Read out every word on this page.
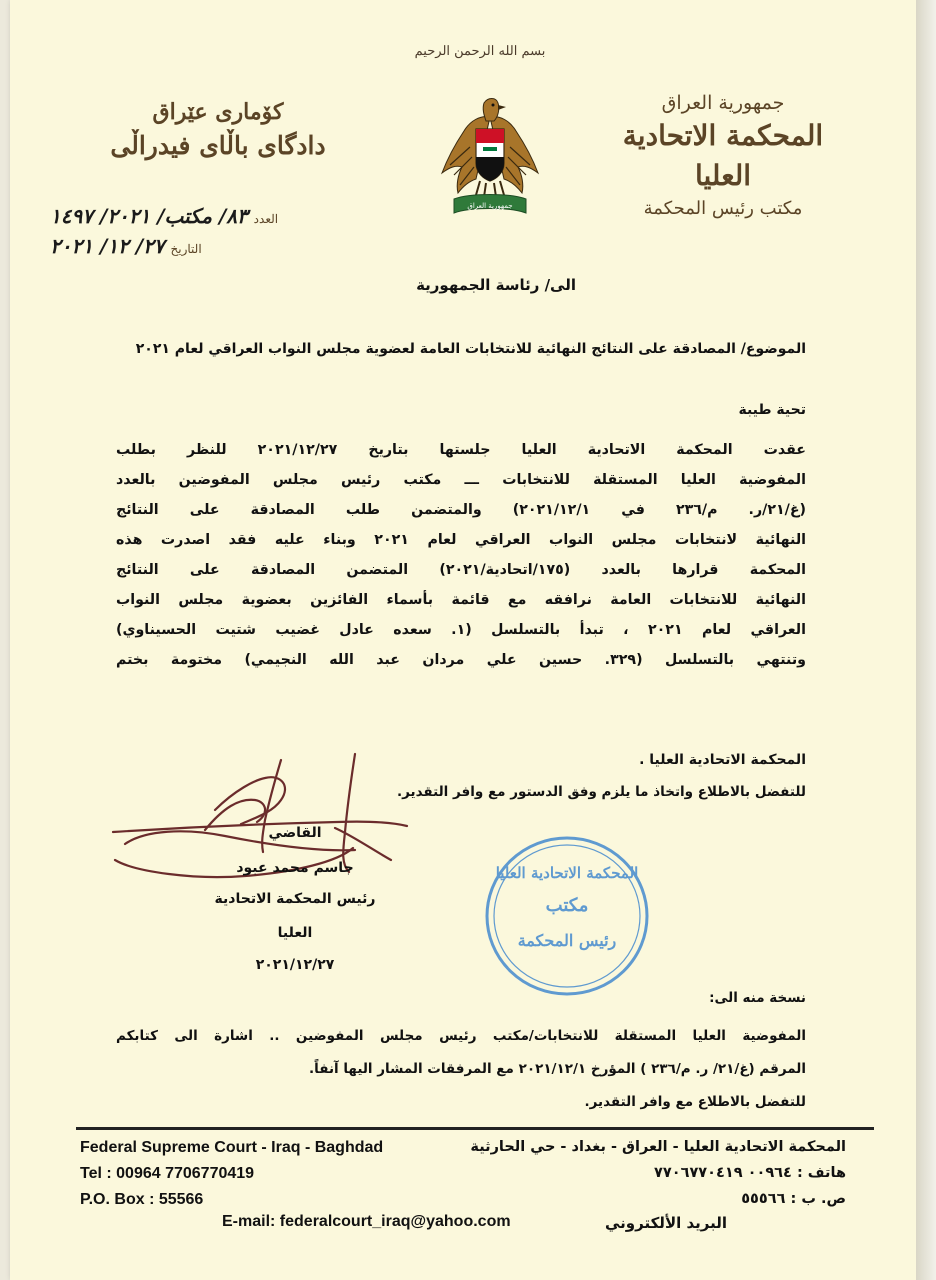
بسم الله الرحمن الرحيم

جمهورية العراق
المحكمة الاتحادية العليا
مكتب رئيس المحكمة
كۆماری عێراق
دادگای باڵای فیدراڵی
العدد
٨٣/ مكتب/ ٢٠٢١/ ١٤٩٧
التاريخ
٢٧/ ١٢/ ٢٠٢١
جمهورية العراق

الى/ رئاسة الجمهورية

الموضوع/ المصادقة على النتائج النهائية للانتخابات العامة لعضوية مجلس النواب العراقي لعام ٢٠٢١

تحية طيبة

عقدت المحكمة الاتحادية العليا جلستها بتاريخ ٢٠٢١/١٢/٢٧ للنظر بطلب
المفوضية العليا المستقلة للانتخابات ـــ مكتب رئيس مجلس المفوضين بالعدد
(غ/٢١/ر. م/٢٣٦ في ٢٠٢١/١٢/١) والمتضمن طلب المصادقة على النتائج
النهائية لانتخابات مجلس النواب العراقي لعام ٢٠٢١ وبناء عليه فقد اصدرت هذه
المحكمة قرارها بالعدد (١٧٥/اتحادية/٢٠٢١) المتضمن المصادقة على النتائج
النهائية للانتخابات العامة نرافقه مع قائمة بأسماء الفائزين بعضوية مجلس النواب
العراقي لعام ٢٠٢١ ، تبدأ بالتسلسل (١. سعده عادل غضيب شتيت الحسيناوي)
وتنتهي بالتسلسل (٣٢٩. حسين علي مردان عبد الله النجيمي) مختومة بختم

المحكمة الاتحادية العليا .

للتفضل بالاطلاع واتخاذ ما يلزم وفق الدستور مع وافر التقدير.

القاضي
جاسم محمد عبود
رئيس المحكمة الاتحادية العليا
٢٠٢١/١٢/٢٧
المحكمة الاتحادية العليا
مكتب
رئيس المحكمة

نسخة منه الى:

المفوضية العليا المستقلة للانتخابات/مكتب رئيس مجلس المفوضين .. اشارة الى كتابكم
المرقم (غ/٢١/ ر. م/٢٣٦ ) المؤرخ ٢٠٢١/١٢/١ مع المرفقات المشار اليها آنفاً.

للتفضل بالاطلاع مع وافر التقدير.

Federal Supreme Court - Iraq - Baghdad	المحكمة الاتحادية العليا - العراق - بغداد - حي الحارثية

Tel : 00964 7706770419	هاتف : ٠٠٩٦٤ ٧٧٠٦٧٧٠٤١٩

P.O. Box : 55566	ص. ب : ٥٥٥٦٦

E-mail: federalcourt_iraq@yahoo.com	البريد الألكتروني
